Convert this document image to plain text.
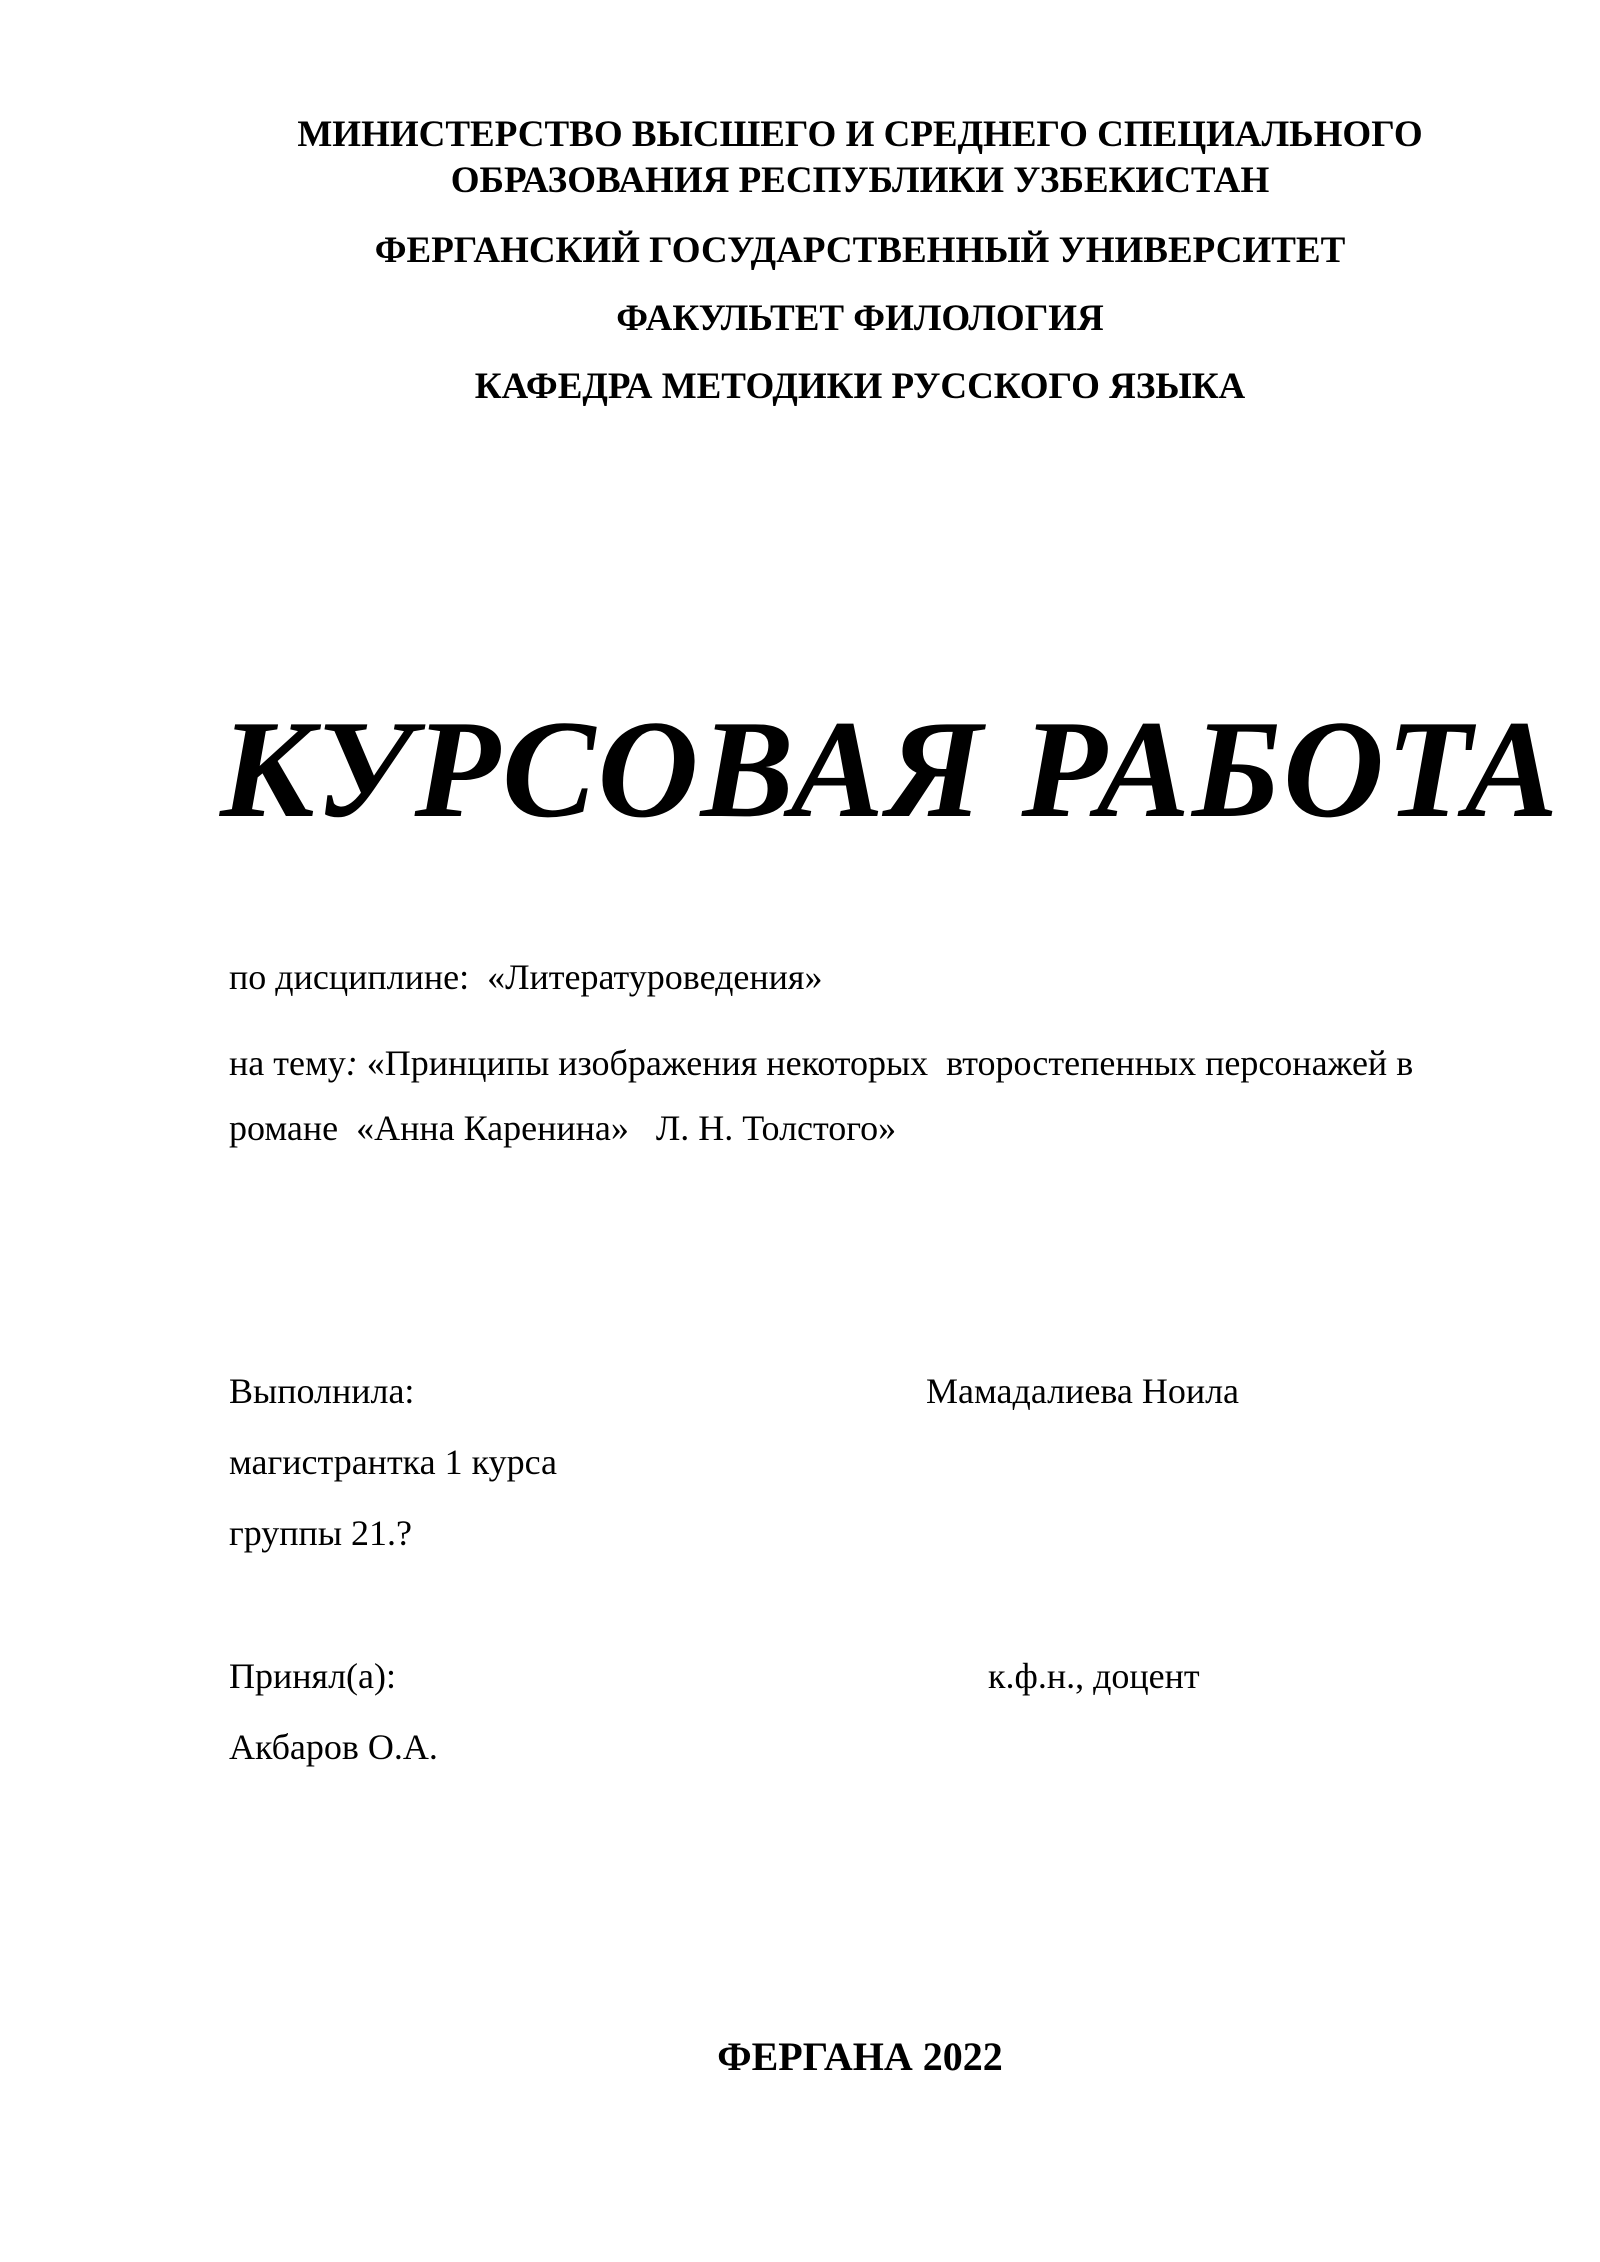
МИНИСТЕРСТВО ВЫСШЕГО И СРЕДНЕГО СПЕЦИАЛЬНОГО
ОБРАЗОВАНИЯ РЕСПУБЛИКИ УЗБЕКИСТАН
ФЕРГАНСКИЙ ГОСУДАРСТВЕННЫЙ УНИВЕРСИТЕТ
ФАКУЛЬТЕТ ФИЛОЛОГИЯ
КАФЕДРА МЕТОДИКИ РУССКОГО ЯЗЫКА
КУРСОВАЯ РАБОТА
по дисциплине: «Литературоведения»
на тему: «Принципы изображения некоторых  второстепенных персонажей в
романе  «Анна Каренина»   Л. Н. Толстого»
Выполнила:	Мамадалиева Ноила
магистрантка 1 курса
группы 21.?
Принял(а):	к.ф.н., доцент
Акбаров О.А.
ФЕРГАНА 2022
